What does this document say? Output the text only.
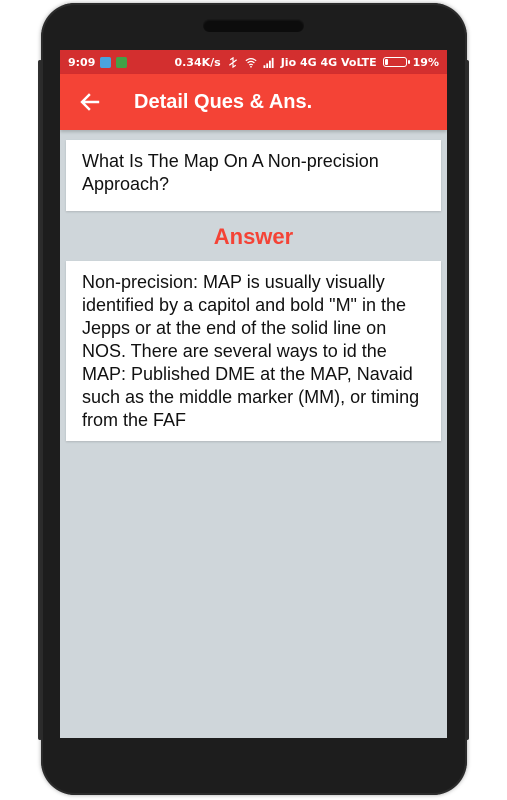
9:09	0.34K/s	Jio 4G 4G VoLTE	19%
Detail Ques & Ans.
What Is The Map On A Non-precision Approach?
Answer
Non-precision: MAP is usually visually identified by a capitol and bold "M" in the Jepps or at the end of the solid line on NOS. There are several ways to id the MAP: Published DME at the MAP, Navaid such as the middle marker (MM), or timing from the FAF
